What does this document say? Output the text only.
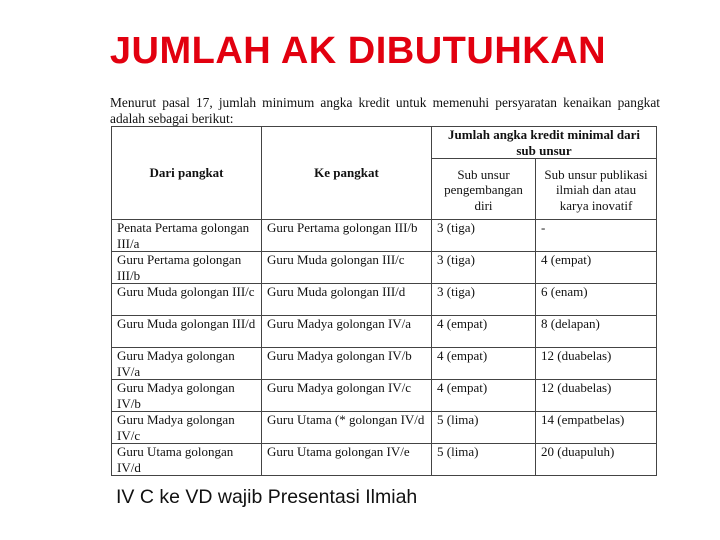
JUMLAH AK DIBUTUHKAN
Menurut pasal 17, jumlah minimum angka kredit untuk memenuhi persyaratan kenaikan pangkat adalah sebagai berikut:
Dari pangkat	Ke pangkat	Jumlah angka kredit minimal dari sub unsur	
		Sub unsur pengembangan diri	Sub unsur publikasi ilmiah dan atau karya inovatif
Penata Pertama golongan III/a	Guru Pertama golongan III/b	3 (tiga)	-
Guru Pertama golongan III/b	Guru Muda golongan III/c	3 (tiga)	4 (empat)
Guru Muda golongan III/c	Guru Muda golongan III/d	3 (tiga)	6 (enam)
Guru Muda golongan III/d	Guru Madya golongan IV/a	4 (empat)	8 (delapan)
Guru Madya golongan IV/a	Guru Madya golongan IV/b	4 (empat)	12 (duabelas)
Guru Madya golongan IV/b	Guru Madya golongan IV/c	4 (empat)	12 (duabelas)
Guru Madya golongan IV/c	Guru Utama (* golongan IV/d	5 (lima)	14 (empatbelas)
Guru Utama golongan IV/d	Guru Utama golongan IV/e	5 (lima)	20 (duapuluh)
IV C ke VD wajib Presentasi Ilmiah
